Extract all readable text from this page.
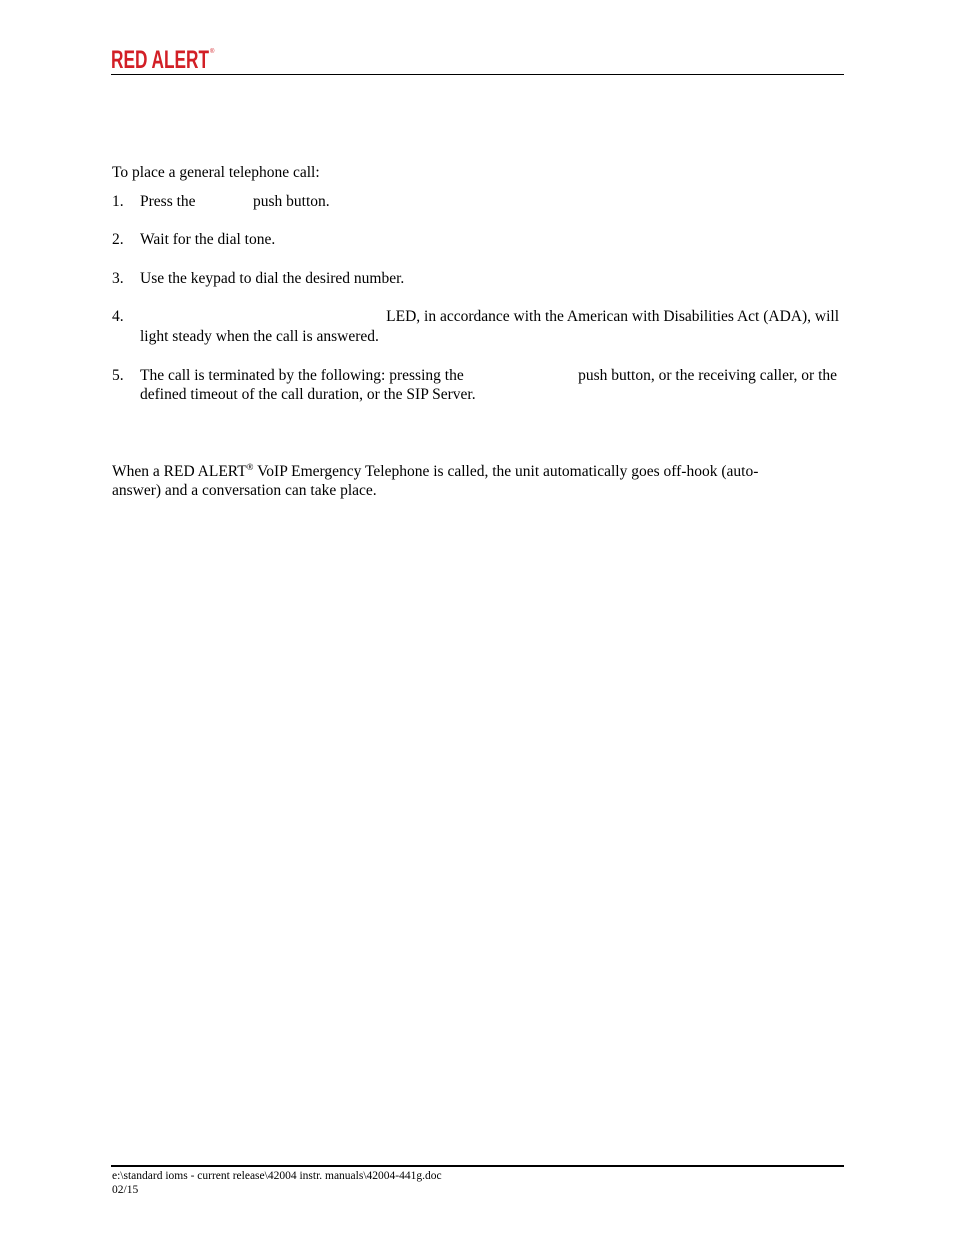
RED ALERT ®
To place a general telephone call:
1. Press the	push button.
2. Wait for the dial tone.
3. Use the keypad to dial the desired number.
4.	LED, in accordance with the American with Disabilities Act (ADA), will
light steady when the call is answered.
5. The call is terminated by the following: pressing the	push button, or the receiving caller, or the
defined timeout of the call duration, or the SIP Server.
When a RED ALERT® VoIP Emergency Telephone is called, the unit automatically goes off-hook (auto-
answer) and a conversation can take place.
e:\standard ioms - current release\42004 instr. manuals\42004-441g.doc
02/15
